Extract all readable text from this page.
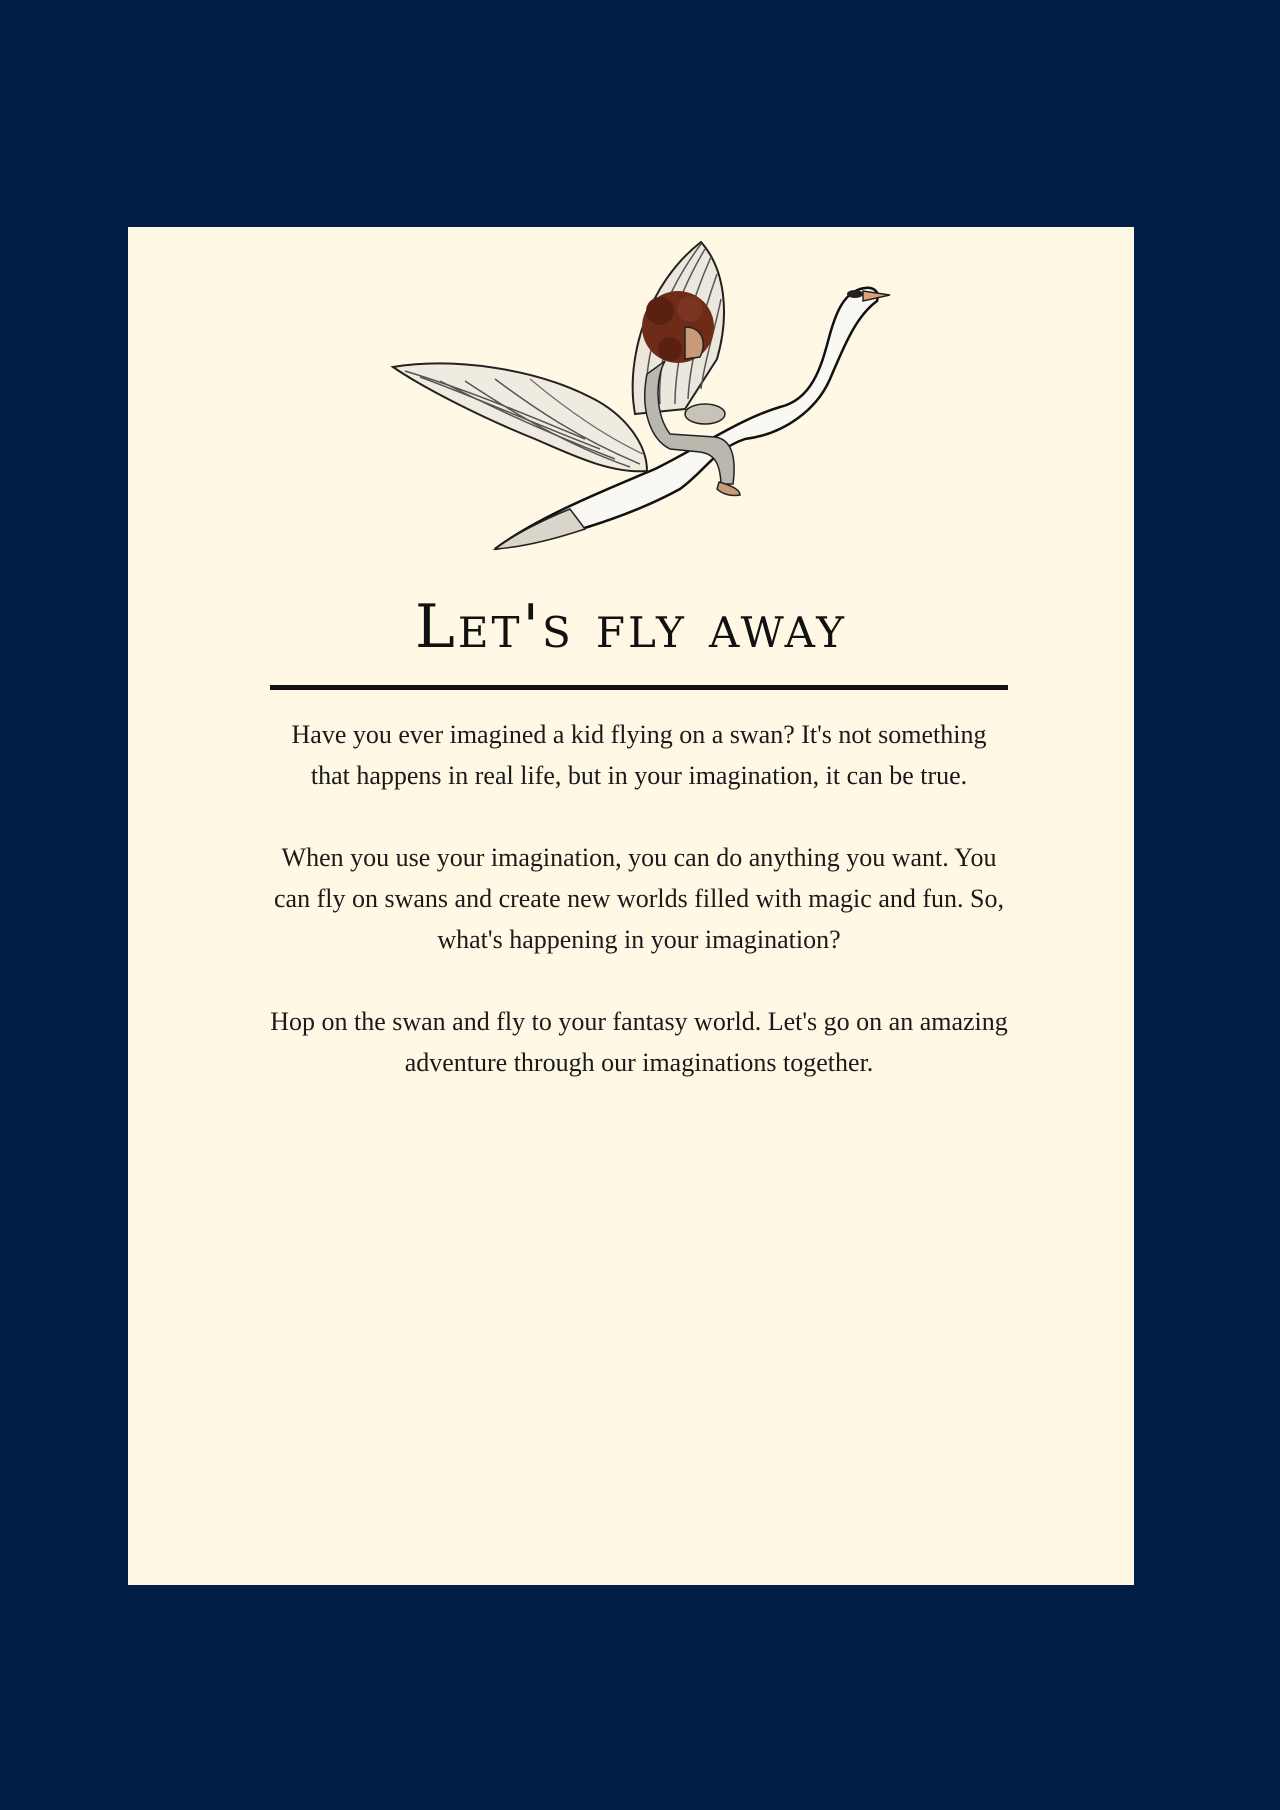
Let's fly away

Have you ever imagined a kid flying on a swan? It's not something that happens in real life, but in your imagination, it can be true.

When you use your imagination, you can do anything you want. You can fly on swans and create new worlds filled with magic and fun. So, what's happening in your imagination?

Hop on the swan and fly to your fantasy world. Let's go on an amazing adventure through our imaginations together.
